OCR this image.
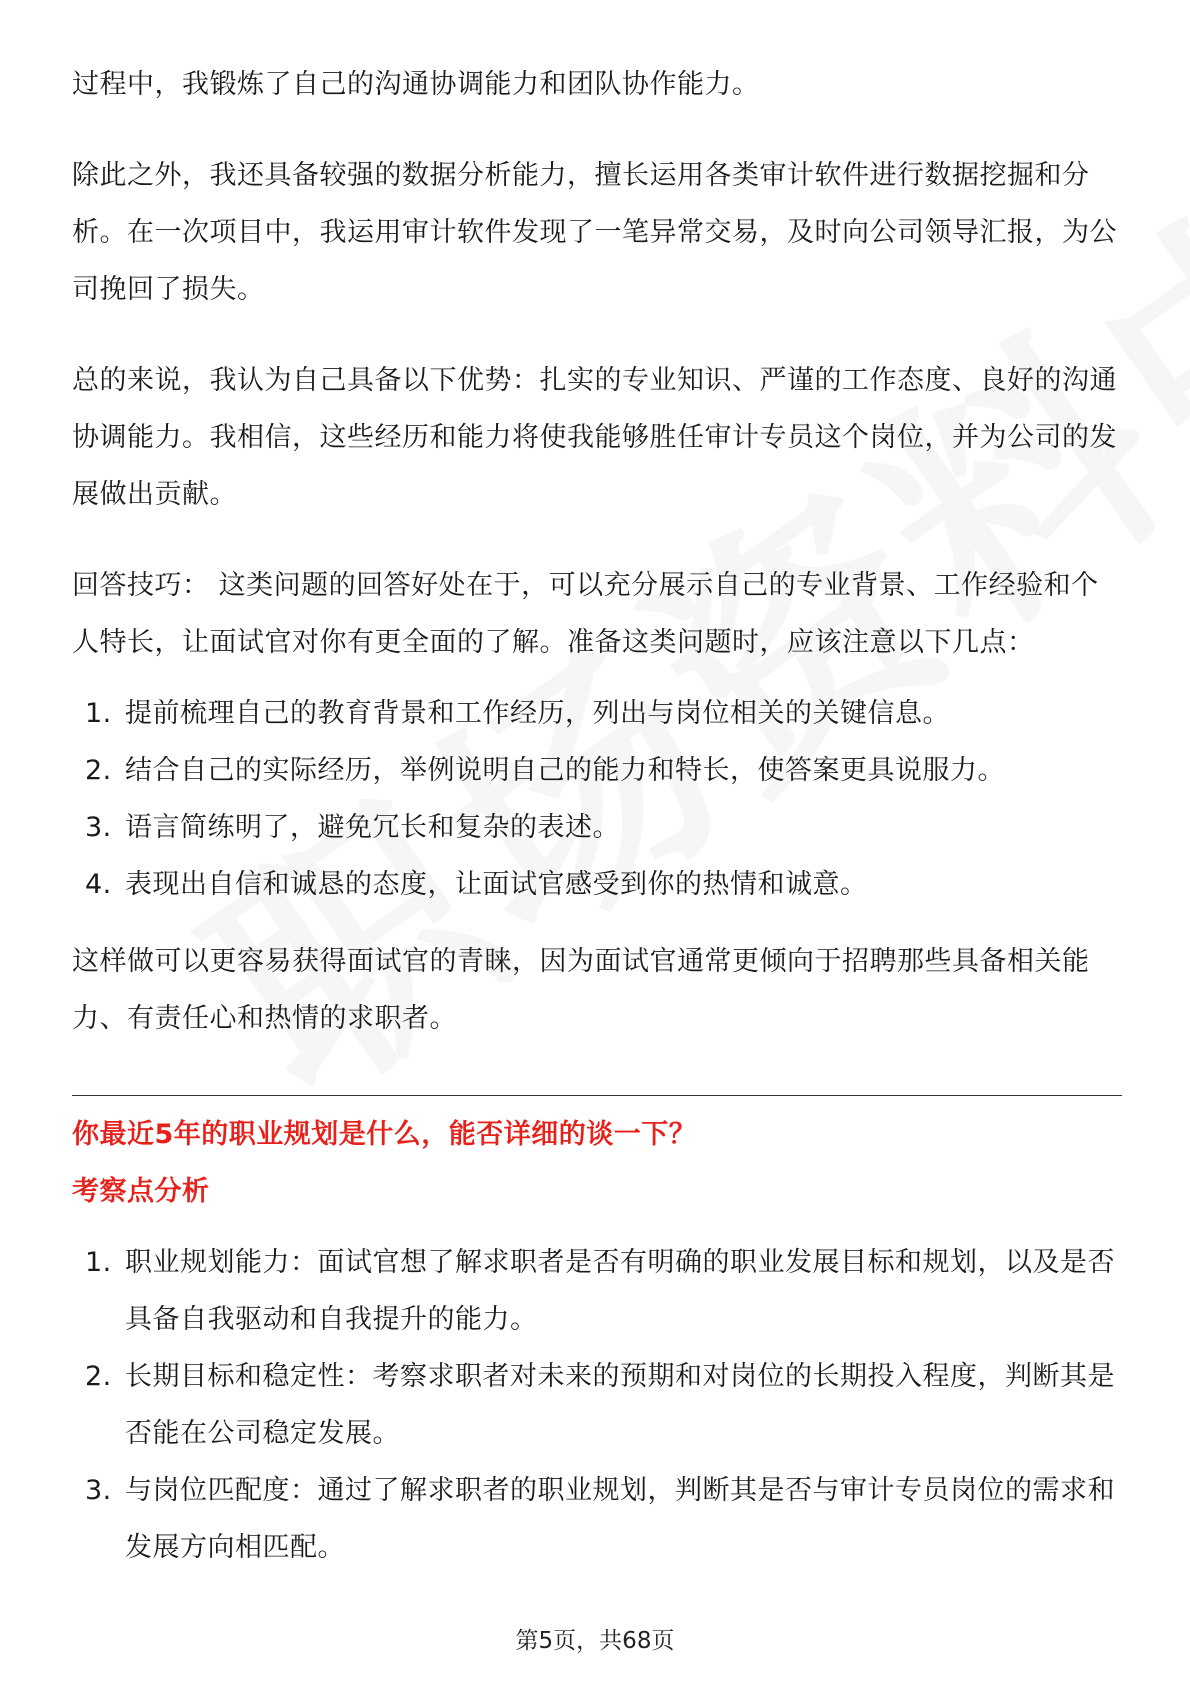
过程中，我锻炼了自己的沟通协调能力和团队协作能力。

除此之外，我还具备较强的数据分析能力，擅长运用各类审计软件进行数据挖掘和分析。在一次项目中，我运用审计软件发现了一笔异常交易，及时向公司领导汇报，为公司挽回了损失。

总的来说，我认为自己具备以下优势：扎实的专业知识、严谨的工作态度、良好的沟通协调能力。我相信，这些经历和能力将使我能够胜任审计专员这个岗位，并为公司的发展做出贡献。

回答技巧： 这类问题的回答好处在于，可以充分展示自己的专业背景、工作经验和个人特长，让面试官对你有更全面的了解。准备这类问题时，应该注意以下几点：

1. 提前梳理自己的教育背景和工作经历，列出与岗位相关的关键信息。
2. 结合自己的实际经历，举例说明自己的能力和特长，使答案更具说服力。
3. 语言简练明了，避免冗长和复杂的表述。
4. 表现出自信和诚恳的态度，让面试官感受到你的热情和诚意。

这样做可以更容易获得面试官的青睐，因为面试官通常更倾向于招聘那些具备相关能力、有责任心和热情的求职者。

你最近5年的职业规划是什么，能否详细的谈一下？

考察点分析

1. 职业规划能力：面试官想了解求职者是否有明确的职业发展目标和规划，以及是否具备自我驱动和自我提升的能力。
2. 长期目标和稳定性：考察求职者对未来的预期和对岗位的长期投入程度，判断其是否能在公司稳定发展。
3. 与岗位匹配度：通过了解求职者的职业规划，判断其是否与审计专员岗位的需求和发展方向相匹配。
第5页，共68页
